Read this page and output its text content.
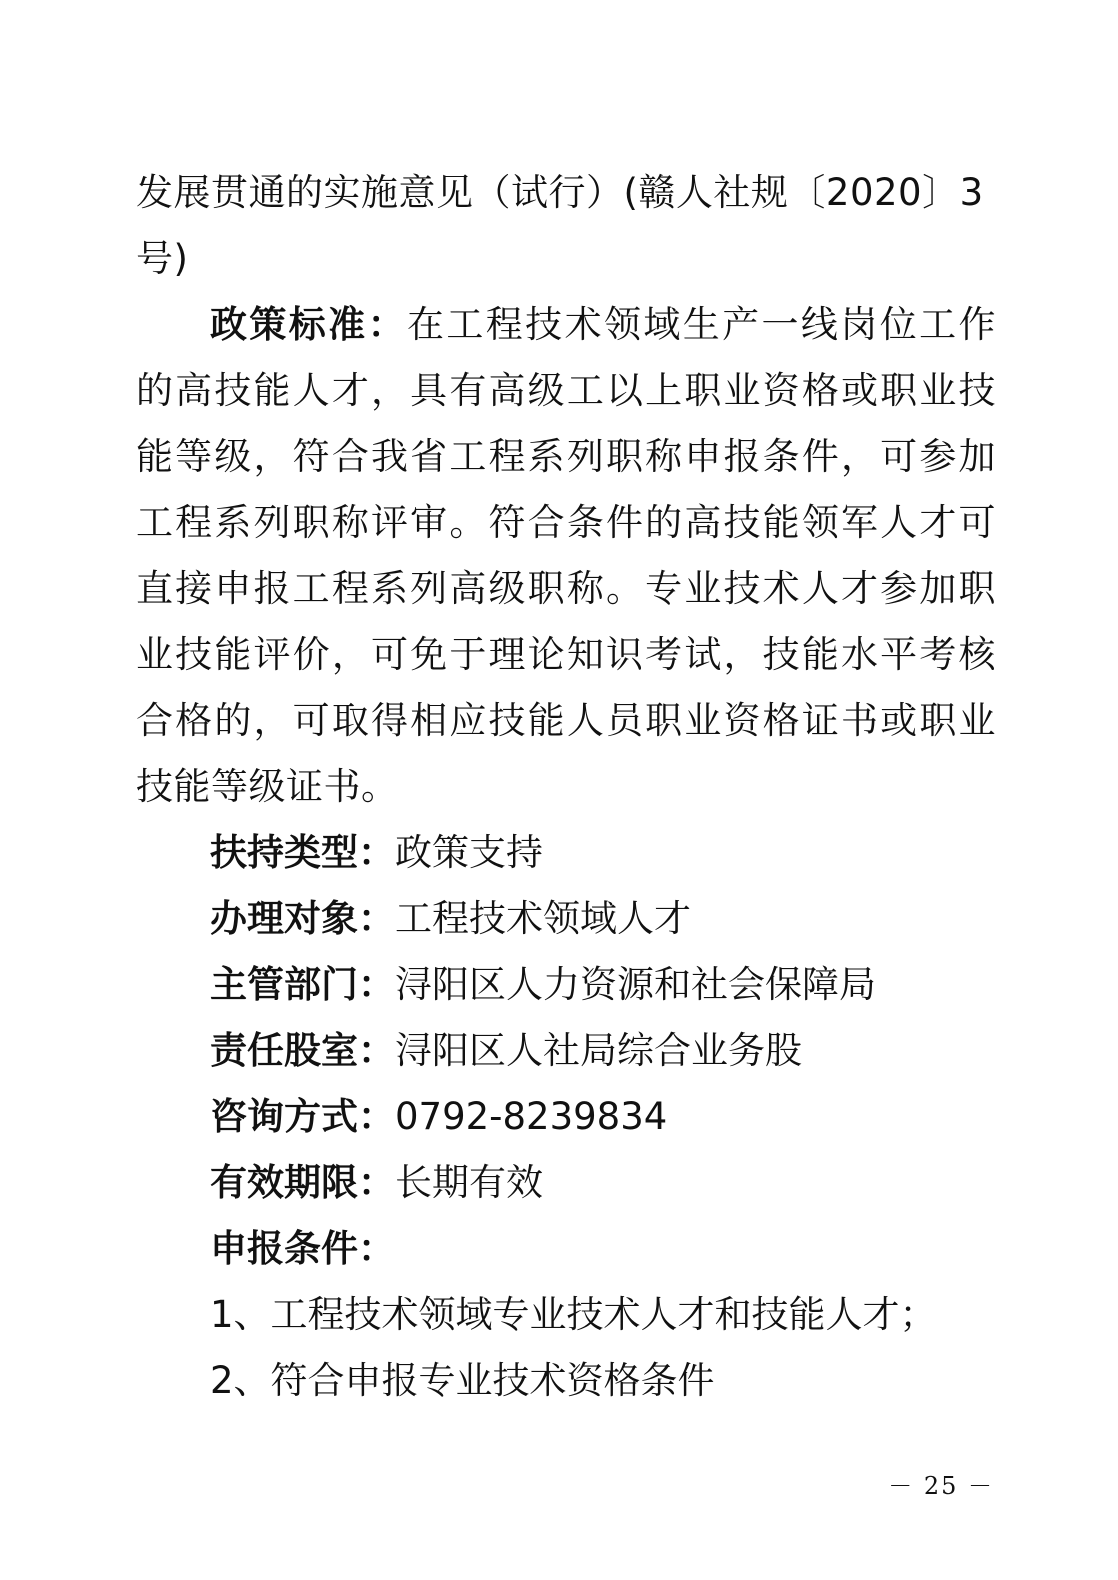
发展贯通的实施意见（试行）(赣人社规〔2020〕3
号)

政策标准：在工程技术领域生产一线岗位工作的高技能人才，具有高级工以上职业资格或职业技能等级，符合我省工程系列职称申报条件，可参加工程系列职称评审。符合条件的高技能领军人才可直接申报工程系列高级职称。专业技术人才参加职业技能评价，可免于理论知识考试，技能水平考核合格的，可取得相应技能人员职业资格证书或职业技能等级证书。

扶持类型：政策支持

办理对象：工程技术领域人才

主管部门：浔阳区人力资源和社会保障局

责任股室：浔阳区人社局综合业务股

咨询方式：0792-8239834

有效期限：长期有效

申报条件：

1、工程技术领域专业技术人才和技能人才；

2、符合申报专业技术资格条件

－ 25 －
